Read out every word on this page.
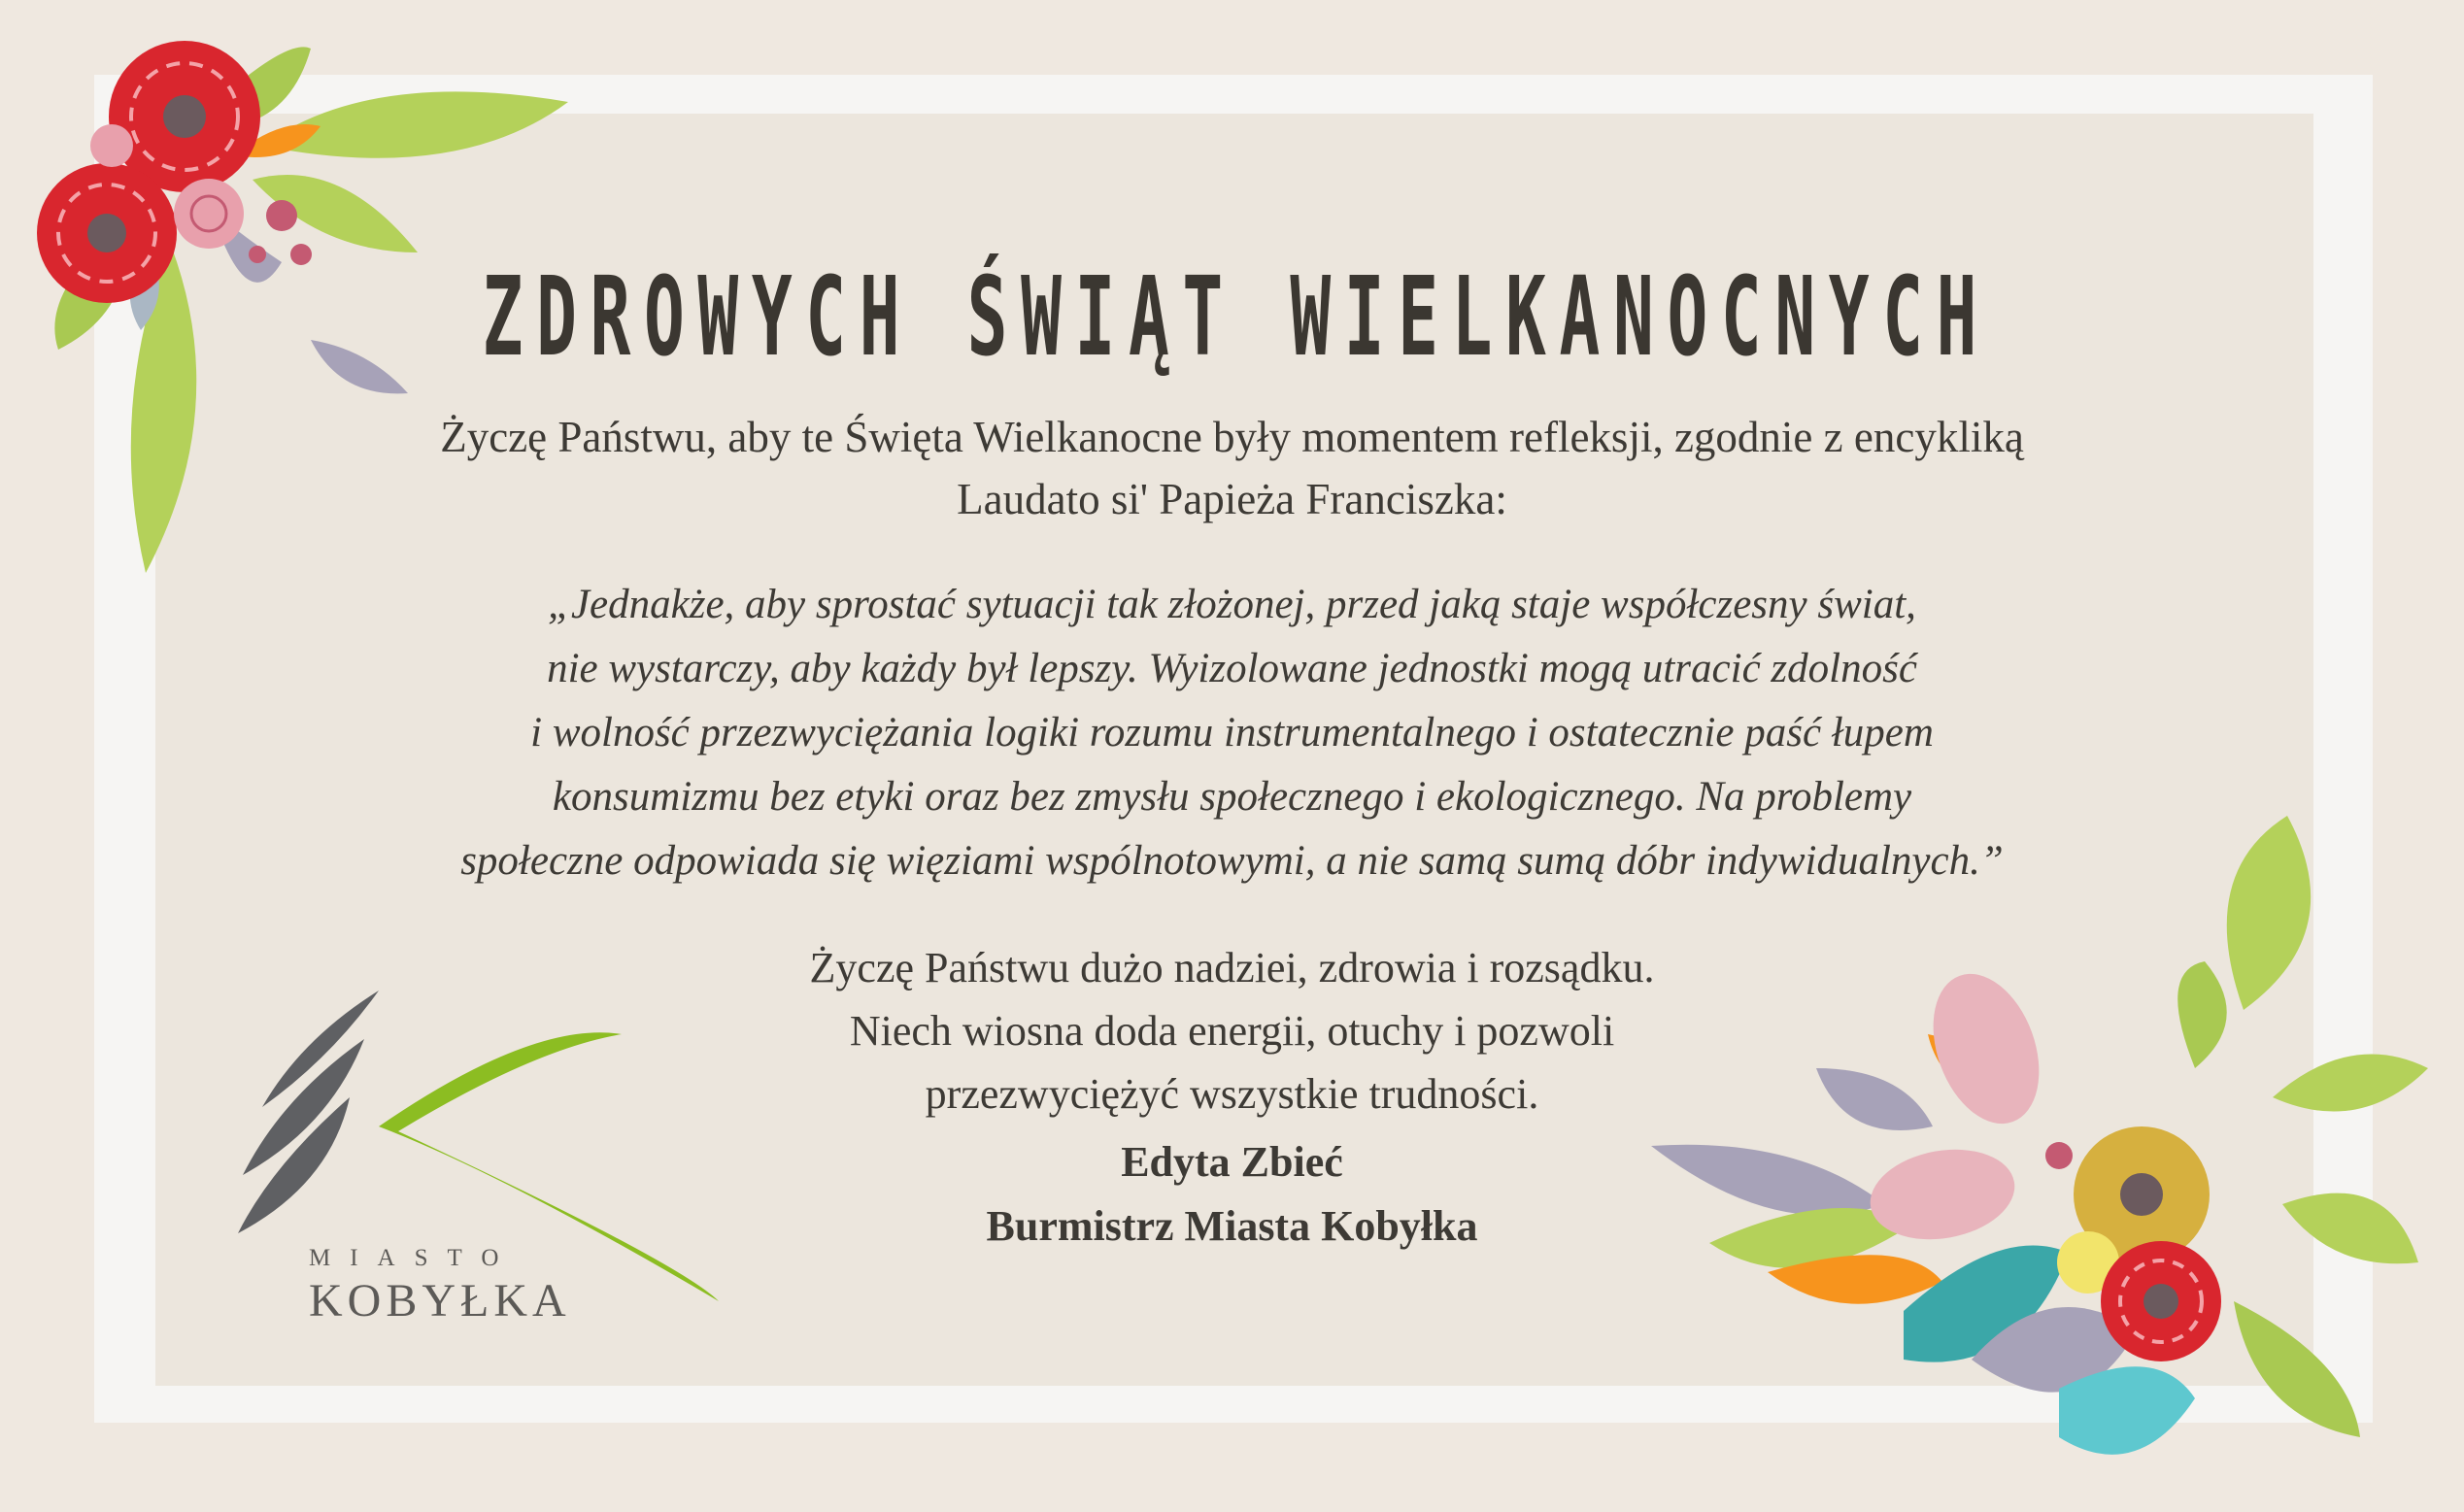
MIASTO
KOBYŁKA
ZDROWYCH ŚWIĄT WIELKANOCNYCH
Życzę Państwu, aby te Święta Wielkanocne były momentem refleksji, zgodnie z encykliką
Laudato si' Papieża Franciszka:
„Jednakże, aby sprostać sytuacji tak złożonej, przed jaką staje współczesny świat,
nie wystarczy, aby każdy był lepszy. Wyizolowane jednostki mogą utracić zdolność
i wolność przezwyciężania logiki rozumu instrumentalnego i ostatecznie paść łupem
konsumizmu bez etyki oraz bez zmysłu społecznego i ekologicznego. Na problemy
społeczne odpowiada się więziami wspólnotowymi, a nie samą sumą dóbr indywidualnych.”
Życzę Państwu dużo nadziei, zdrowia i rozsądku.
Niech wiosna doda energii, otuchy i pozwoli
przezwyciężyć wszystkie trudności.
Edyta Zbieć
Burmistrz Miasta Kobyłka
